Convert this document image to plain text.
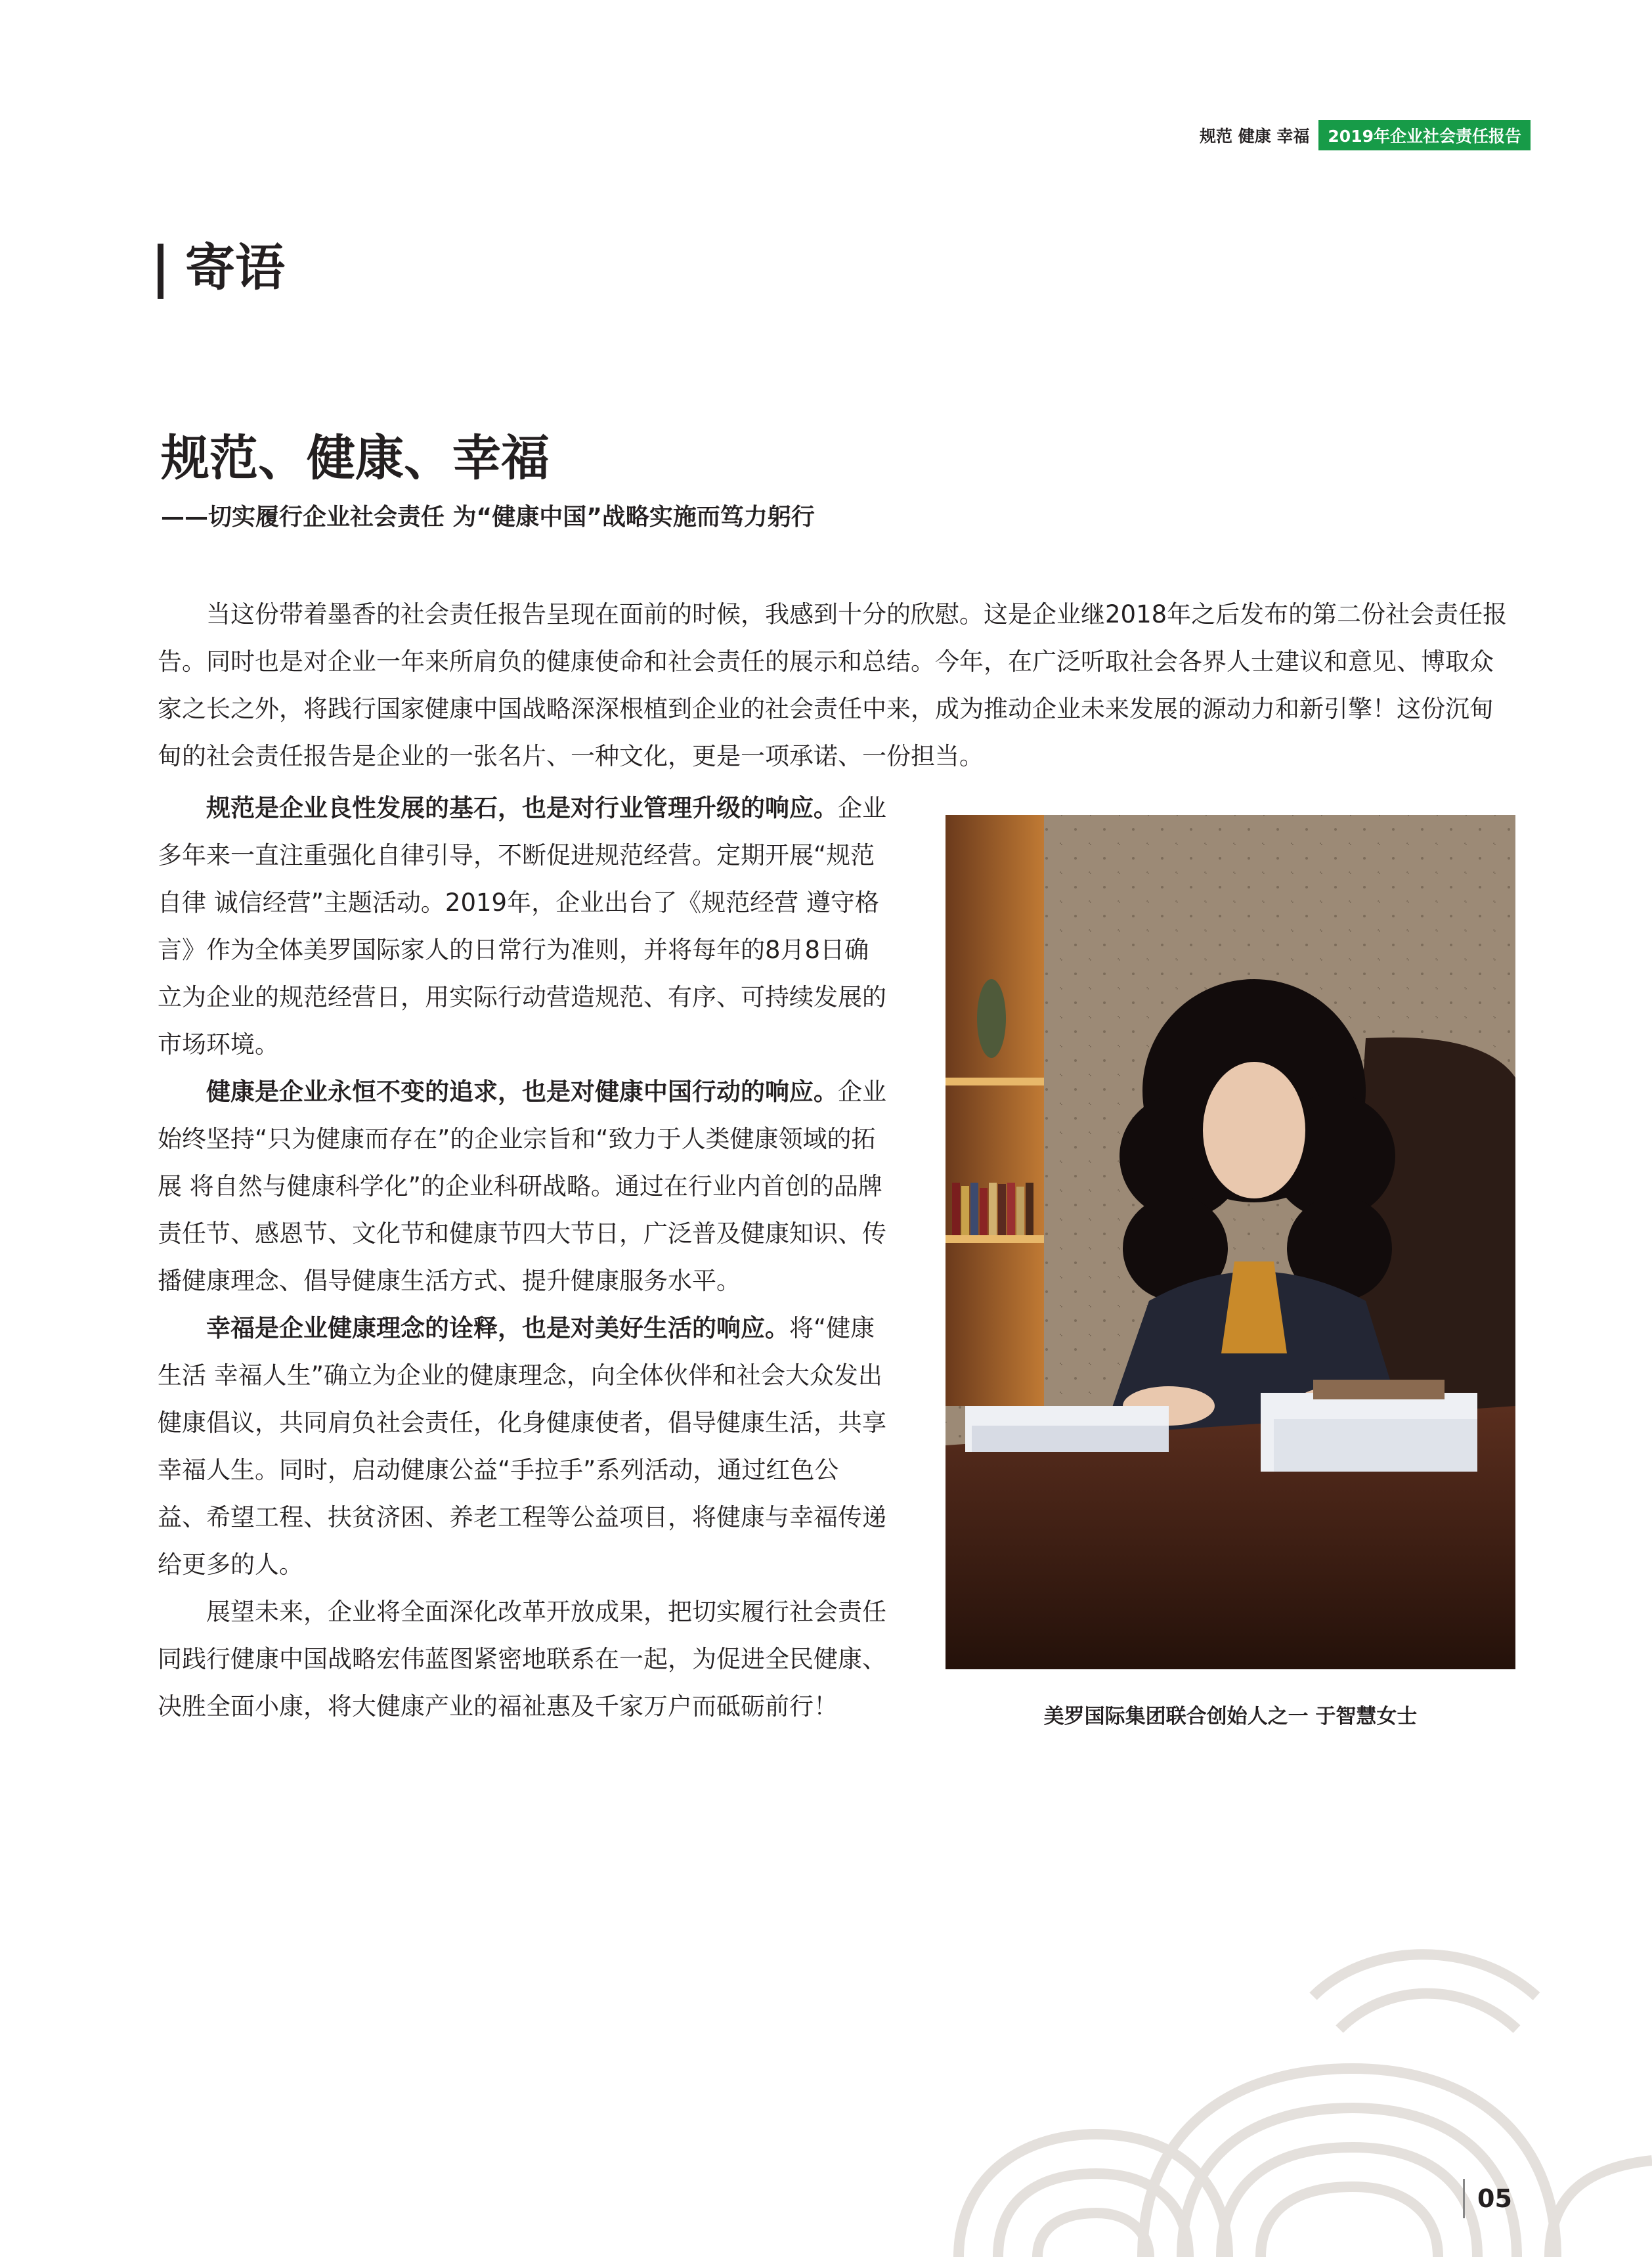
规范 健康 幸福	2019年企业社会责任报告
寄语
规范、健康、幸福
——切实履行企业社会责任 为“健康中国”战略实施而笃力躬行

当这份带着墨香的社会责任报告呈现在面前的时候，我感到十分的欣慰。这是企业继2018年之后发布的第二份社会责任报告。同时也是对企业一年来所肩负的健康使命和社会责任的展示和总结。今年，在广泛听取社会各界人士建议和意见、博取众家之长之外，将践行国家健康中国战略深深根植到企业的社会责任中来，成为推动企业未来发展的源动力和新引擎！这份沉甸甸的社会责任报告是企业的一张名片、一种文化，更是一项承诺、一份担当。

规范是企业良性发展的基石，也是对行业管理升级的响应。企业多年来一直注重强化自律引导，不断促进规范经营。定期开展“规范自律 诚信经营”主题活动。2019年，企业出台了《规范经营 遵守格言》作为全体美罗国际家人的日常行为准则，并将每年的8月8日确立为企业的规范经营日，用实际行动营造规范、有序、可持续发展的市场环境。

健康是企业永恒不变的追求，也是对健康中国行动的响应。企业始终坚持“只为健康而存在”的企业宗旨和“致力于人类健康领域的拓展 将自然与健康科学化”的企业科研战略。通过在行业内首创的品牌责任节、感恩节、文化节和健康节四大节日，广泛普及健康知识、传播健康理念、倡导健康生活方式、提升健康服务水平。

幸福是企业健康理念的诠释，也是对美好生活的响应。将“健康生活 幸福人生”确立为企业的健康理念，向全体伙伴和社会大众发出健康倡议，共同肩负社会责任，化身健康使者，倡导健康生活，共享幸福人生。同时，启动健康公益“手拉手”系列活动，通过红色公益、希望工程、扶贫济困、养老工程等公益项目，将健康与幸福传递给更多的人。

展望未来，企业将全面深化改革开放成果，把切实履行社会责任同践行健康中国战略宏伟蓝图紧密地联系在一起，为促进全民健康、决胜全面小康，将大健康产业的福祉惠及千家万户而砥砺前行！	美罗国际集团联合创始人之一 于智慧女士
05
